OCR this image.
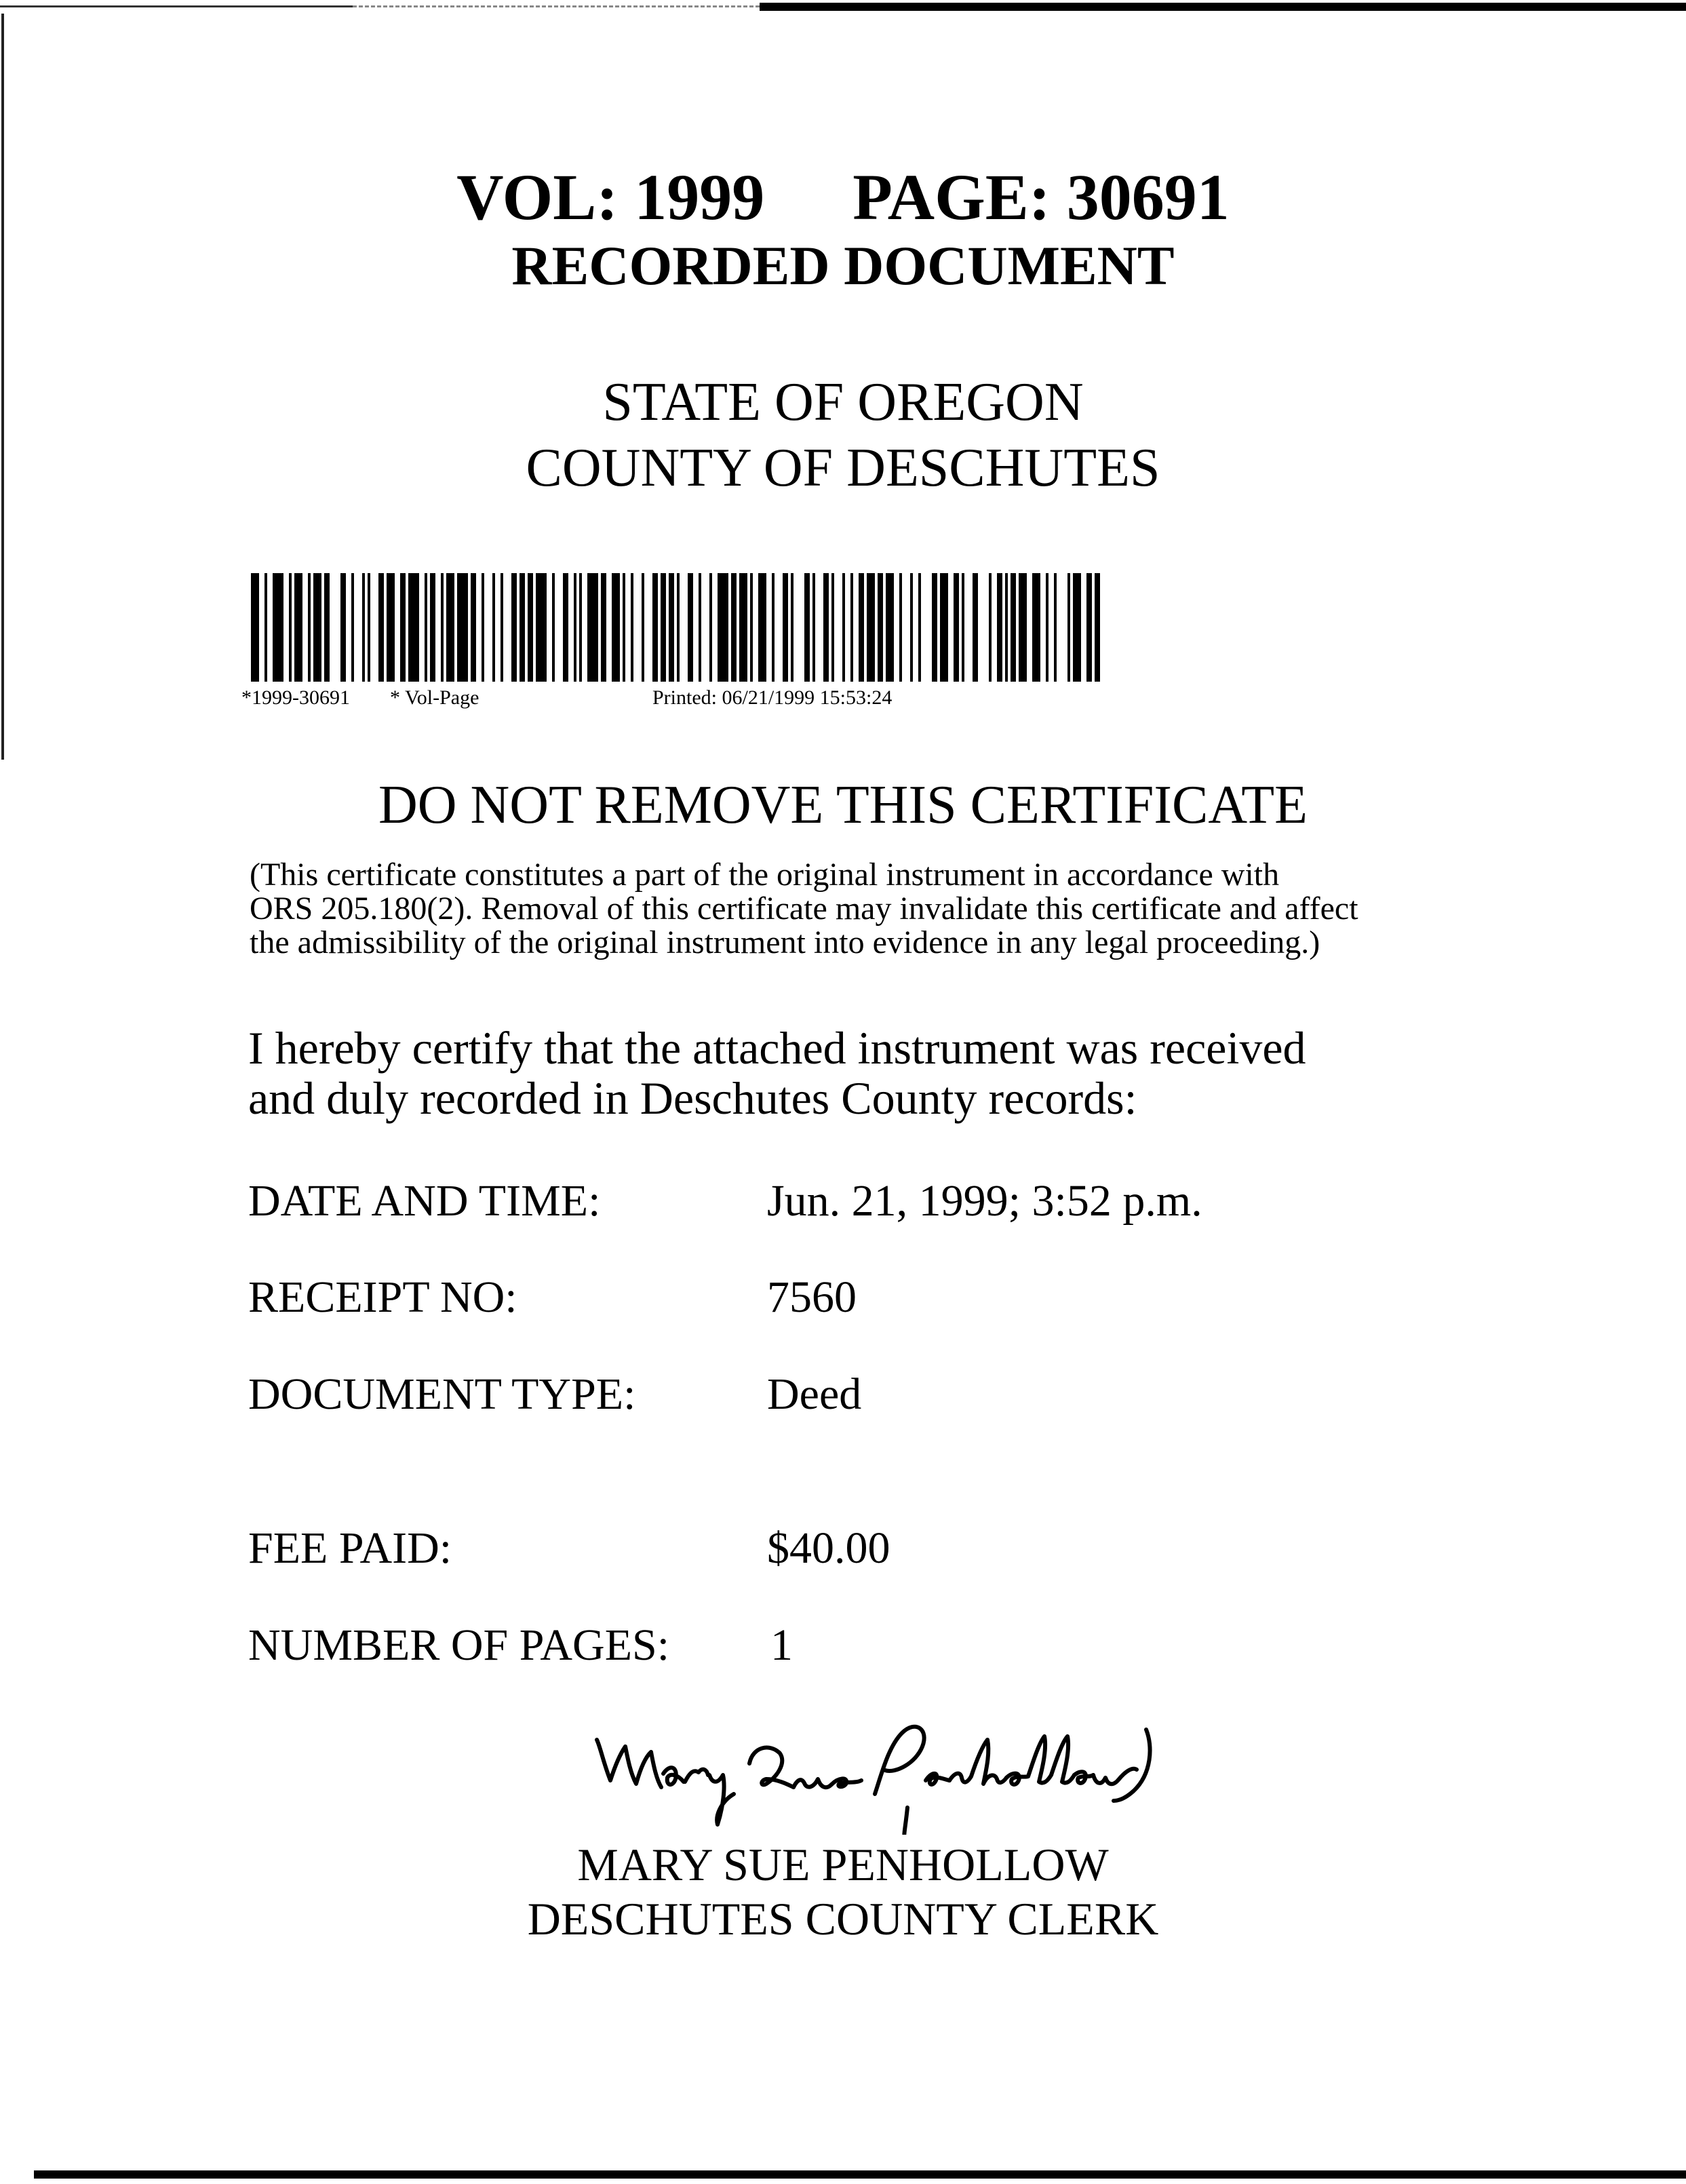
VOL: 1999 PAGE: 30691
RECORDED DOCUMENT
STATE OF OREGON
COUNTY OF DESCHUTES
*1999-30691 * Vol-Page	Printed: 06/21/1999 15:53:24
DO NOT REMOVE THIS CERTIFICATE
(This certificate constitutes a part of the original instrument in accordance with
ORS 205.180(2). Removal of this certificate may invalidate this certificate and affect
the admissibility of the original instrument into evidence in any legal proceeding.)
I hereby certify that the attached instrument was received
and duly recorded in Deschutes County records:
DATE AND TIME:	Jun. 21, 1999; 3:52 p.m.
RECEIPT NO:	7560
DOCUMENT TYPE:	Deed
FEE PAID:	$40.00
NUMBER OF PAGES: 1
MARY SUE PENHOLLOW
DESCHUTES COUNTY CLERK
